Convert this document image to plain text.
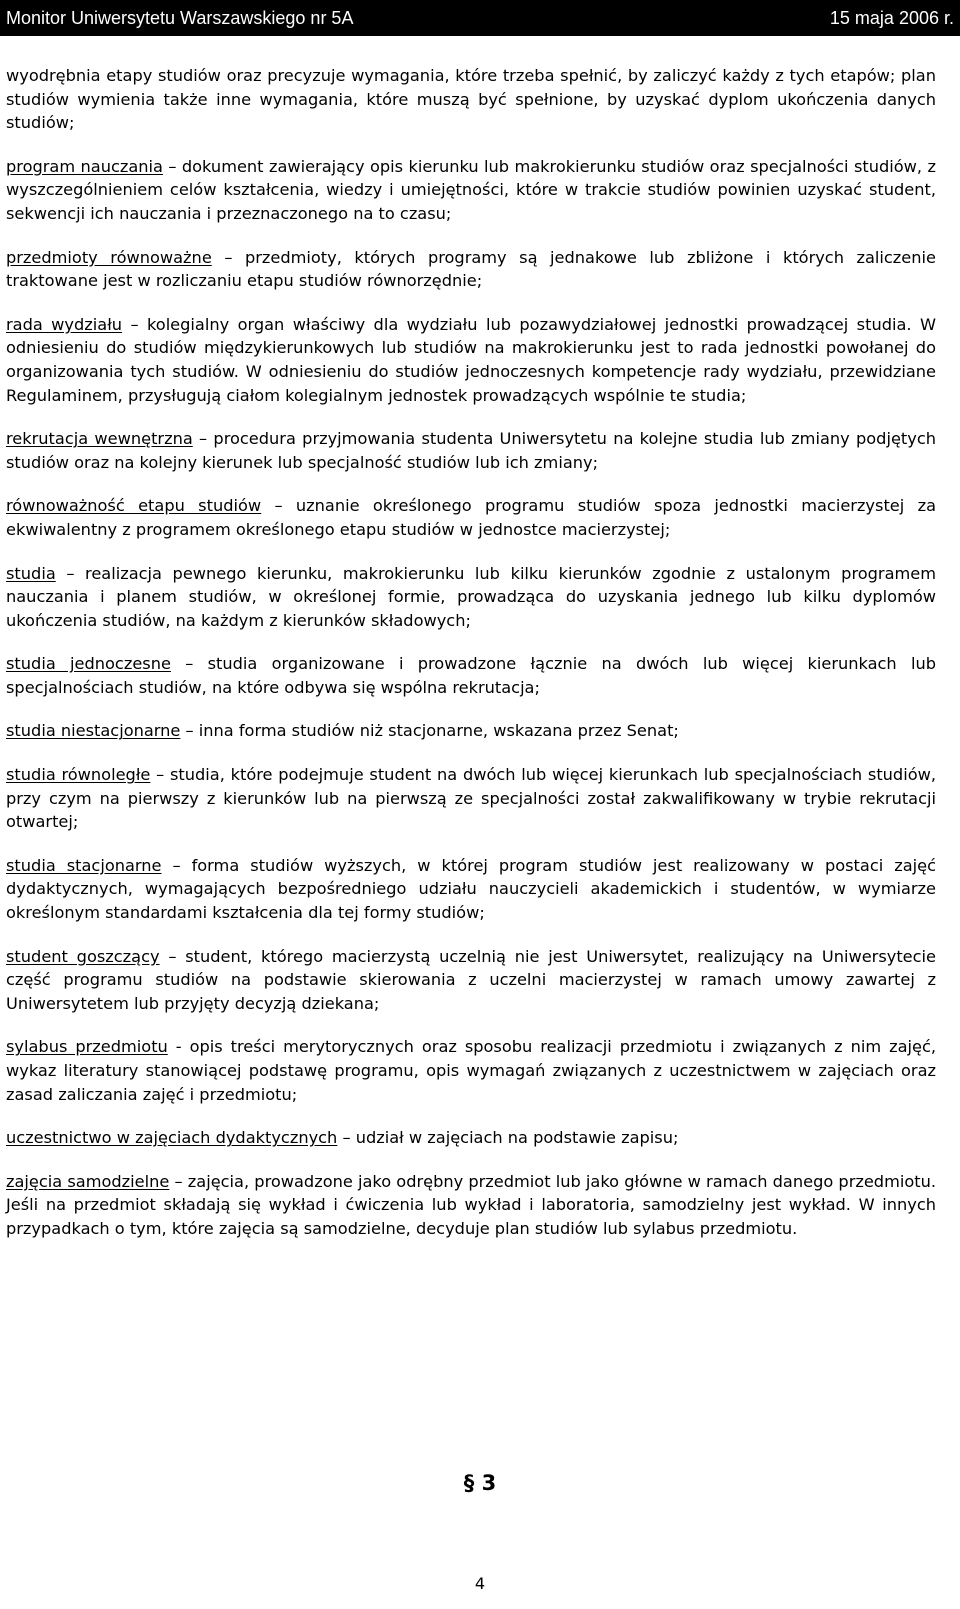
Monitor Uniwersytetu Warszawskiego nr 5A	15 maja 2006 r.

wyodrębnia etapy studiów oraz precyzuje wymagania, które trzeba spełnić, by zaliczyć każdy z tych etapów; plan studiów wymienia także inne wymagania, które muszą być spełnione, by uzyskać dyplom ukończenia danych studiów;

program nauczania – dokument zawierający opis kierunku lub makrokierunku studiów oraz specjalności studiów, z wyszczególnieniem celów kształcenia, wiedzy i umiejętności, które w trakcie studiów powinien uzyskać student, sekwencji ich nauczania i przeznaczonego na to czasu;

przedmioty równoważne – przedmioty, których programy są jednakowe lub zbliżone i których zaliczenie traktowane jest w rozliczaniu etapu studiów równorzędnie;

rada wydziału – kolegialny organ właściwy dla wydziału lub pozawydziałowej jednostki prowadzącej studia. W odniesieniu do studiów międzykierunkowych lub studiów na makrokierunku jest to rada jednostki powołanej do organizowania tych studiów. W odniesieniu do studiów jednoczesnych kompetencje rady wydziału, przewidziane Regulaminem, przysługują ciałom kolegialnym jednostek prowadzących wspólnie te studia;

rekrutacja wewnętrzna – procedura przyjmowania studenta Uniwersytetu na kolejne studia lub zmiany podjętych studiów oraz na kolejny kierunek lub specjalność studiów lub ich zmiany;

równoważność etapu studiów – uznanie określonego programu studiów spoza jednostki macierzystej za ekwiwalentny z programem określonego etapu studiów w jednostce macierzystej;

studia – realizacja pewnego kierunku, makrokierunku lub kilku kierunków zgodnie z ustalonym programem nauczania i planem studiów, w określonej formie, prowadząca do uzyskania jednego lub kilku dyplomów ukończenia studiów, na każdym z kierunków składowych;

studia jednoczesne – studia organizowane i prowadzone łącznie na dwóch lub więcej kierunkach lub specjalnościach studiów, na które odbywa się wspólna rekrutacja;

studia niestacjonarne – inna forma studiów niż stacjonarne, wskazana przez Senat;

studia równoległe – studia, które podejmuje student na dwóch lub więcej kierunkach lub specjalnościach studiów, przy czym na pierwszy z kierunków lub na pierwszą ze specjalności został zakwalifikowany w trybie rekrutacji otwartej;

studia stacjonarne – forma studiów wyższych, w której program studiów jest realizowany w postaci zajęć dydaktycznych, wymagających bezpośredniego udziału nauczycieli akademickich i studentów, w wymiarze określonym standardami kształcenia dla tej formy studiów;

student goszczący – student, którego macierzystą uczelnią nie jest Uniwersytet, realizujący na Uniwersytecie część programu studiów na podstawie skierowania z uczelni macierzystej w ramach umowy zawartej z Uniwersytetem lub przyjęty decyzją dziekana;

sylabus przedmiotu - opis treści merytorycznych oraz sposobu realizacji przedmiotu i związanych z nim zajęć, wykaz literatury stanowiącej podstawę programu, opis wymagań związanych z uczestnictwem w zajęciach oraz zasad zaliczania zajęć i przedmiotu;

uczestnictwo w zajęciach dydaktycznych – udział w zajęciach na podstawie zapisu;

zajęcia samodzielne – zajęcia, prowadzone jako odrębny przedmiot lub jako główne w ramach danego przedmiotu. Jeśli na przedmiot składają się wykład i ćwiczenia lub wykład i laboratoria, samodzielny jest wykład. W innych przypadkach o tym, które zajęcia są samodzielne, decyduje plan studiów lub sylabus przedmiotu.

§ 3
4
